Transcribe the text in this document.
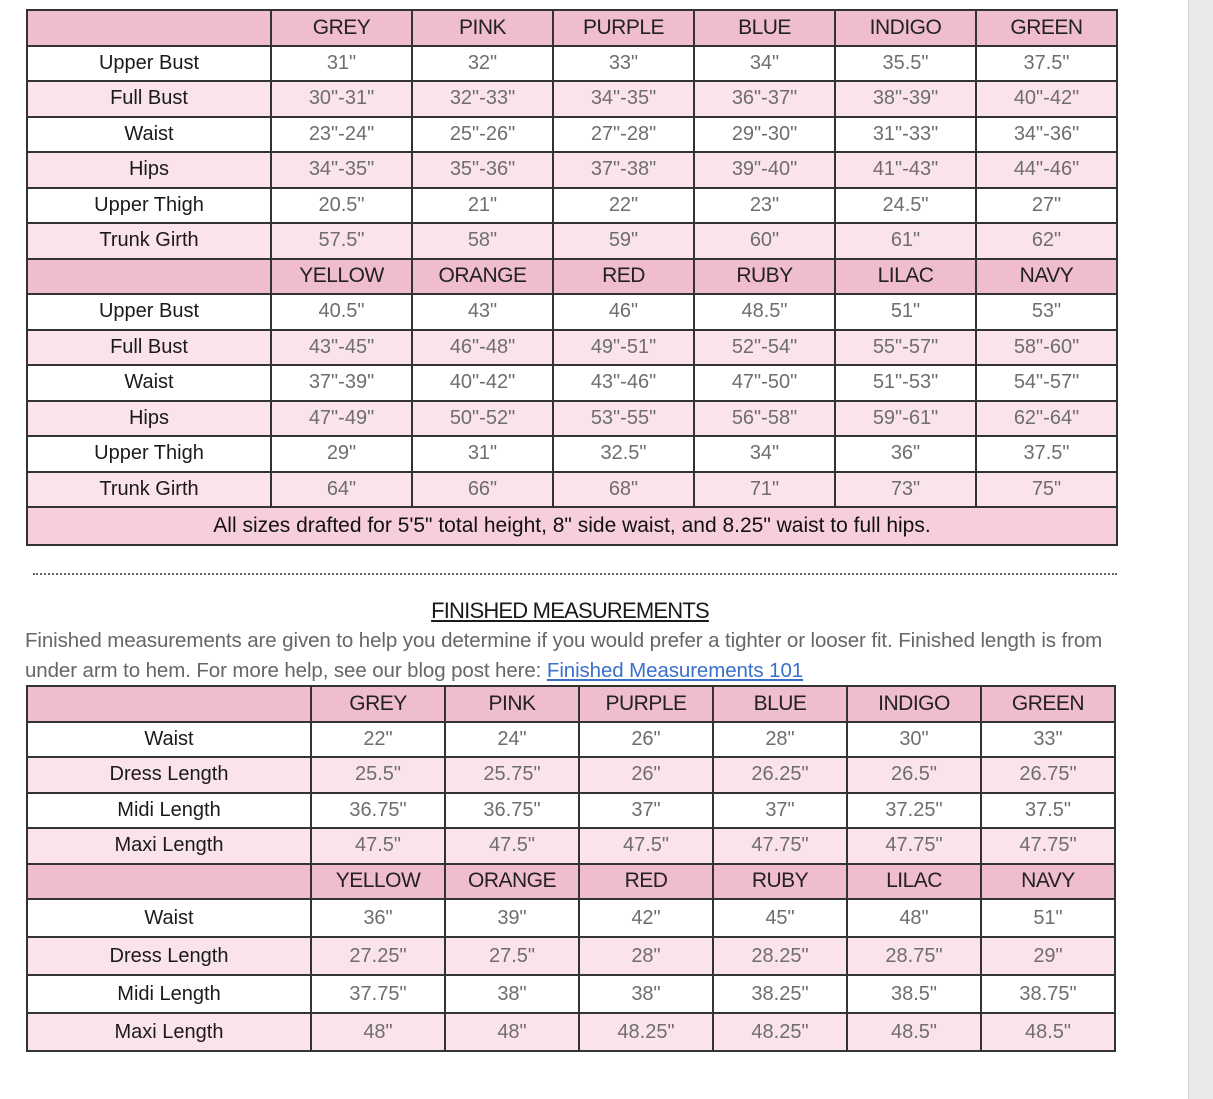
	GREY	PINK	PURPLE	BLUE	INDIGO	GREEN
Upper Bust	31"	32"	33"	34"	35.5"	37.5"
Full Bust	30"-31"	32"-33"	34"-35"	36"-37"	38"-39"	40"-42"
Waist	23"-24"	25"-26"	27"-28"	29"-30"	31"-33"	34"-36"
Hips	34"-35"	35"-36"	37"-38"	39"-40"	41"-43"	44"-46"
Upper Thigh	20.5"	21"	22"	23"	24.5"	27"
Trunk Girth	57.5"	58"	59"	60"	61"	62"
	YELLOW	ORANGE	RED	RUBY	LILAC	NAVY
Upper Bust	40.5"	43"	46"	48.5"	51"	53"
Full Bust	43"-45"	46"-48"	49"-51"	52"-54"	55"-57"	58"-60"
Waist	37"-39"	40"-42"	43"-46"	47"-50"	51"-53"	54"-57"
Hips	47"-49"	50"-52"	53"-55"	56"-58"	59"-61"	62"-64"
Upper Thigh	29"	31"	32.5"	34"	36"	37.5"
Trunk Girth	64"	66"	68"	71"	73"	75"
All sizes drafted for 5'5" total height, 8" side waist, and 8.25" waist to full hips.						
FINISHED MEASUREMENTS
Finished measurements are given to help you determine if you would prefer a tighter or looser fit. Finished length is from under arm to hem. For more help, see our blog post here: Finished Measurements 101
	GREY	PINK	PURPLE	BLUE	INDIGO	GREEN
Waist	22"	24"	26"	28"	30"	33"
Dress Length	25.5"	25.75"	26"	26.25"	26.5"	26.75"
Midi Length	36.75"	36.75"	37"	37"	37.25"	37.5"
Maxi Length	47.5"	47.5"	47.5"	47.75"	47.75"	47.75"
	YELLOW	ORANGE	RED	RUBY	LILAC	NAVY
Waist	36"	39"	42"	45"	48"	51"
Dress Length	27.25"	27.5"	28"	28.25"	28.75"	29"
Midi Length	37.75"	38"	38"	38.25"	38.5"	38.75"
Maxi Length	48"	48"	48.25"	48.25"	48.5"	48.5"
